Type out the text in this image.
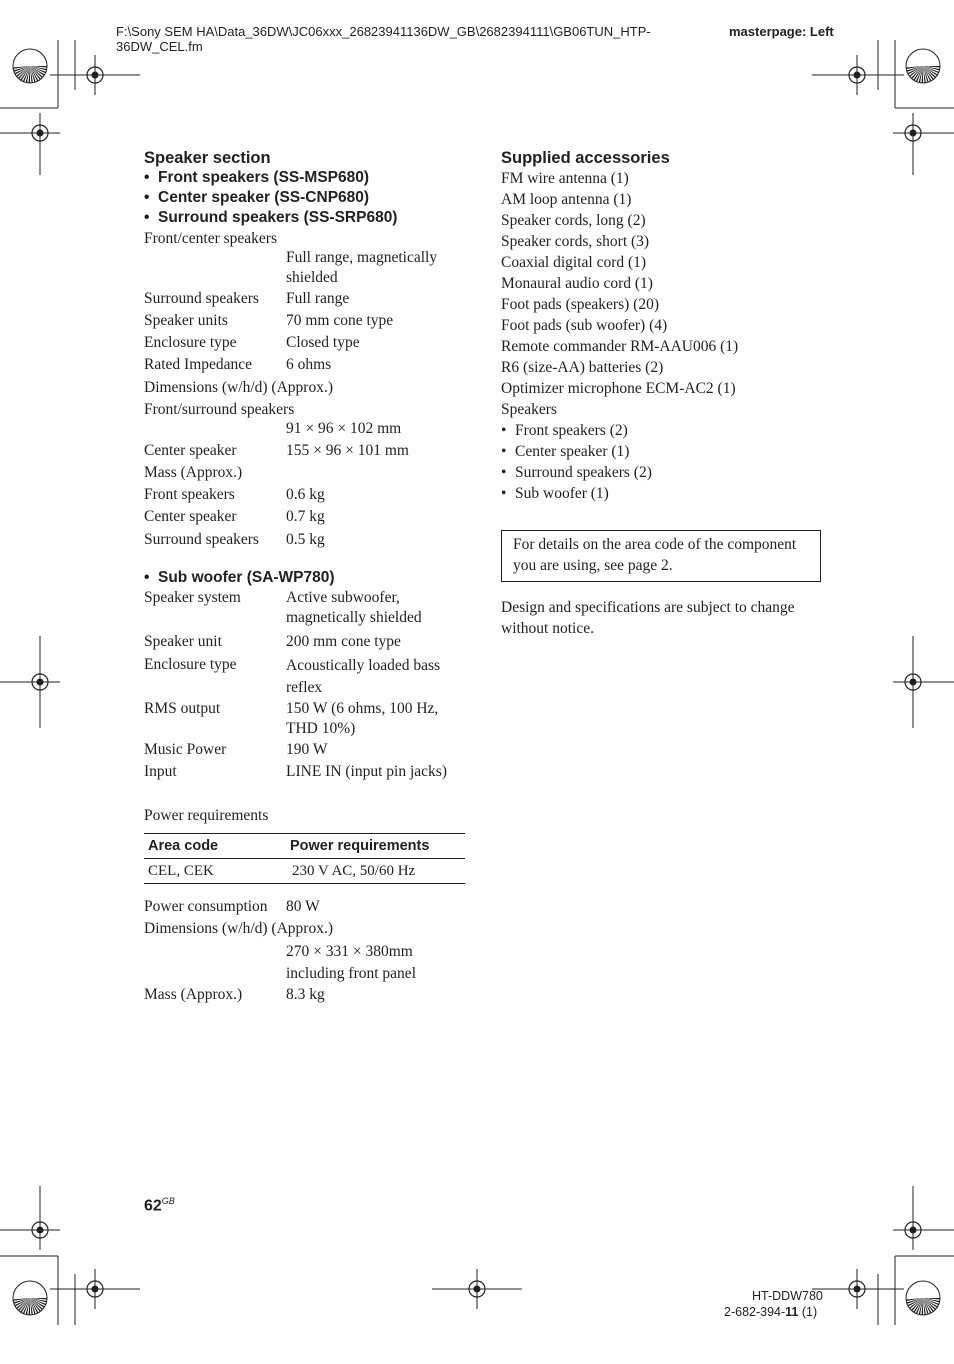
F:\Sony SEM HA\Data_36DW\JC06xxx_26823941136DW_GB\2682394111\GB06TUN_HTP-
36DW_CEL.fm
masterpage: Left
Speaker section
• Front speakers (SS-MSP680)
• Center speaker (SS-CNP680)
• Surround speakers (SS-SRP680)
Front/center speakers
Full range, magnetically shielded
Surround speakers Full range
Speaker units	70 mm cone type
Enclosure type	Closed type
Rated Impedance 6 ohms
Dimensions (w/h/d) (Approx.)
Front/surround speakers
91 × 96 × 102 mm
Center speaker	155 × 96 × 101 mm
Mass (Approx.)
Front speakers	0.6 kg
Center speaker	0.7 kg
Surround speakers 0.5 kg
• Sub woofer (SA-WP780)
Speaker system	Active subwoofer, magnetically shielded
Speaker unit	200 mm cone type
Enclosure type	Acoustically loaded bass reflex
RMS output	150 W (6 ohms, 100 Hz, THD 10%)
Music Power	190 W
Input	LINE IN (input pin jacks)
Power requirements
Area code	Power requirements
CEL, CEK	230 V AC, 50/60 Hz
Power consumption 80 W
Dimensions (w/h/d) (Approx.)
270 × 331 × 380mm including front panel
Mass (Approx.)	8.3 kg
Supplied accessories
FM wire antenna (1)
AM loop antenna (1)
Speaker cords, long (2)
Speaker cords, short (3)
Coaxial digital cord (1)
Monaural audio cord (1)
Foot pads (speakers) (20)
Foot pads (sub woofer) (4)
Remote commander RM-AAU006 (1)
R6 (size-AA) batteries (2)
Optimizer microphone ECM-AC2 (1)
Speakers
• Front speakers (2)
• Center speaker (1)
• Surround speakers (2)
• Sub woofer (1)
For details on the area code of the component you are using, see page 2.
Design and specifications are subject to change without notice.
$62^{GB}$
HT-DDW780
2-682-394-11 (1)
